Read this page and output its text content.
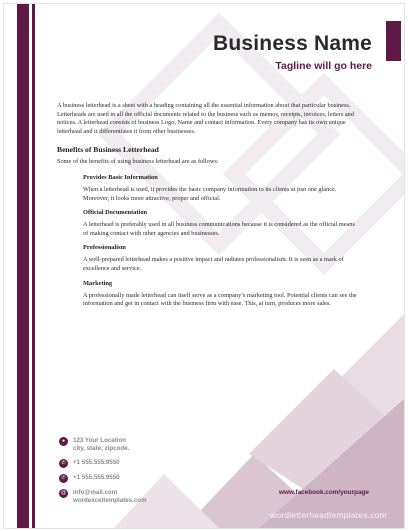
Business Name
Tagline will go here

A business letterhead is a sheet with a heading containing all the essential information about that particular business. Letterheads are used in all the official documents related to the business such as memos, receipts, invoices, letters and notices. A letterhead consists of business Logo, Name and contact information. Every company has its own unique letterhead and it differentiates it from other businesses.

Benefits of Business Letterhead

Some of the benefits of using business letterhead are as follows:

Provides Basic Information

When a letterhead is used, it provides the basic company information to its clients at just one glance. Moreover, it looks more attractive, proper and official.

Official Documentation

A letterhead is preferably used in all business communications because it is considered as the official means of making contact with other agencies and businesses.

Professionalism

A well-prepared letterhead makes a positive impact and radiates professionalism. It is seen as a mark of excellence and service.

Marketing

A professionally made letterhead can itself serve as a company’s marketing tool. Potential clients can see the information and get in contact with the business firm with ease. This, at turn, produces more sales.

●	123 Your Location
city, state, zipcode.
✆	+1 555.555.9550
✆	+1 555.555.9550
@	info@mail.com
wordexceltemplates.com
www.facebook.com/yourpage
wordletterheadtemplates.com
